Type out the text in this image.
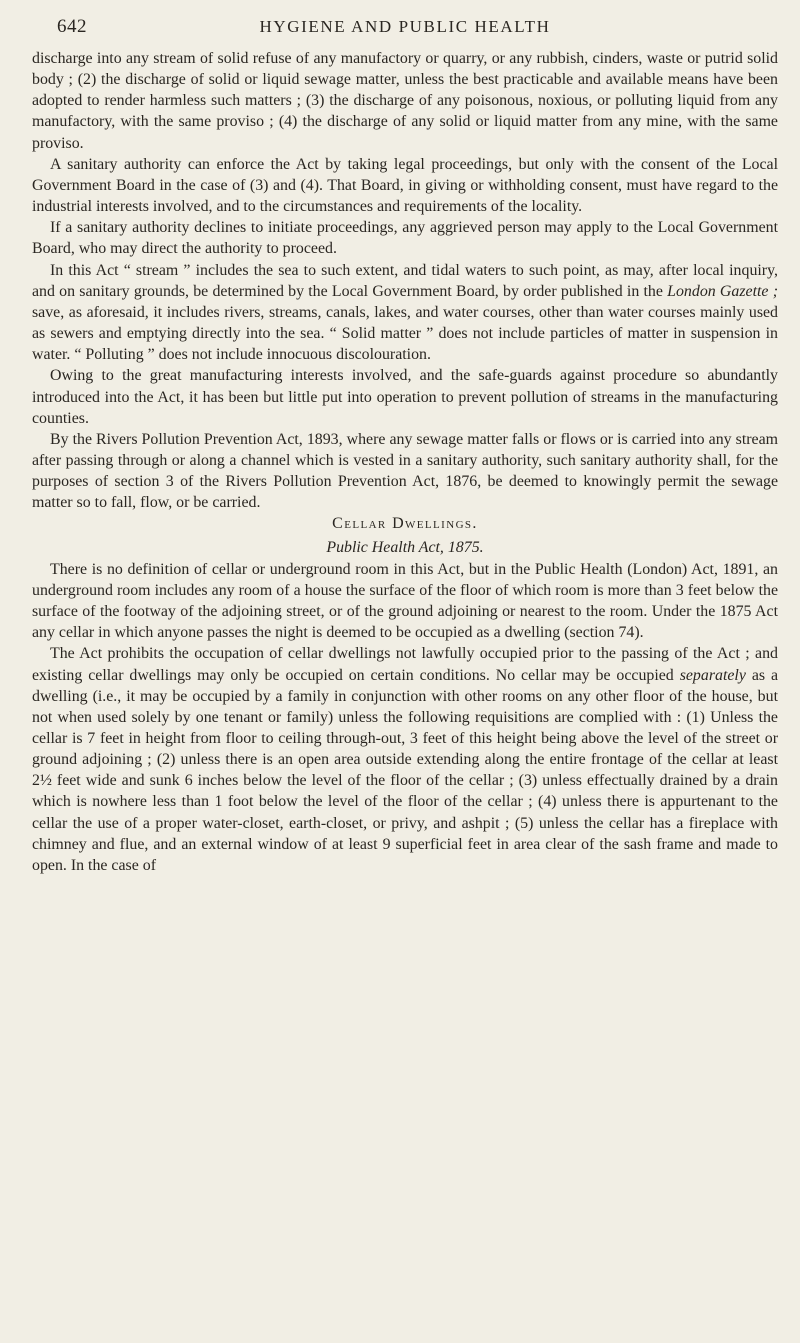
642	HYGIENE AND PUBLIC HEALTH

discharge into any stream of solid refuse of any manufactory or quarry, or any rubbish, cinders, waste or putrid solid body ; (2) the discharge of solid or liquid sewage matter, unless the best practicable and available means have been adopted to render harmless such matters ; (3) the discharge of any poisonous, noxious, or polluting liquid from any manufactory, with the same proviso ; (4) the discharge of any solid or liquid matter from any mine, with the same proviso.

A sanitary authority can enforce the Act by taking legal proceedings, but only with the consent of the Local Government Board in the case of (3) and (4). That Board, in giving or withholding consent, must have regard to the industrial interests involved, and to the circumstances and requirements of the locality.

If a sanitary authority declines to initiate proceedings, any aggrieved person may apply to the Local Government Board, who may direct the authority to proceed.

In this Act “ stream ” includes the sea to such extent, and tidal waters to such point, as may, after local inquiry, and on sanitary grounds, be determined by the Local Government Board, by order published in the London Gazette ; save, as aforesaid, it includes rivers, streams, canals, lakes, and water courses, other than water courses mainly used as sewers and emptying directly into the sea. “ Solid matter ” does not include particles of matter in suspension in water. “ Polluting ” does not include innocuous discolouration.

Owing to the great manufacturing interests involved, and the safe-guards against procedure so abundantly introduced into the Act, it has been but little put into operation to prevent pollution of streams in the manufacturing counties.

By the Rivers Pollution Prevention Act, 1893, where any sewage matter falls or flows or is carried into any stream after passing through or along a channel which is vested in a sanitary authority, such sanitary authority shall, for the purposes of section 3 of the Rivers Pollution Prevention Act, 1876, be deemed to knowingly permit the sewage matter so to fall, flow, or be carried.

Cellar Dwellings.
Public Health Act, 1875.

There is no definition of cellar or underground room in this Act, but in the Public Health (London) Act, 1891, an underground room includes any room of a house the surface of the floor of which room is more than 3 feet below the surface of the footway of the adjoining street, or of the ground adjoining or nearest to the room. Under the 1875 Act any cellar in which anyone passes the night is deemed to be occupied as a dwelling (section 74).

The Act prohibits the occupation of cellar dwellings not lawfully occupied prior to the passing of the Act ; and existing cellar dwellings may only be occupied on certain conditions. No cellar may be occupied separately as a dwelling (i.e., it may be occupied by a family in conjunction with other rooms on any other floor of the house, but not when used solely by one tenant or family) unless the following requisitions are complied with : (1) Unless the cellar is 7 feet in height from floor to ceiling through-out, 3 feet of this height being above the level of the street or ground adjoining ; (2) unless there is an open area outside extending along the entire frontage of the cellar at least 2½ feet wide and sunk 6 inches below the level of the floor of the cellar ; (3) unless effectually drained by a drain which is nowhere less than 1 foot below the level of the floor of the cellar ; (4) unless there is appurtenant to the cellar the use of a proper water-closet, earth-closet, or privy, and ashpit ; (5) unless the cellar has a fireplace with chimney and flue, and an external window of at least 9 superficial feet in area clear of the sash frame and made to open. In the case of
